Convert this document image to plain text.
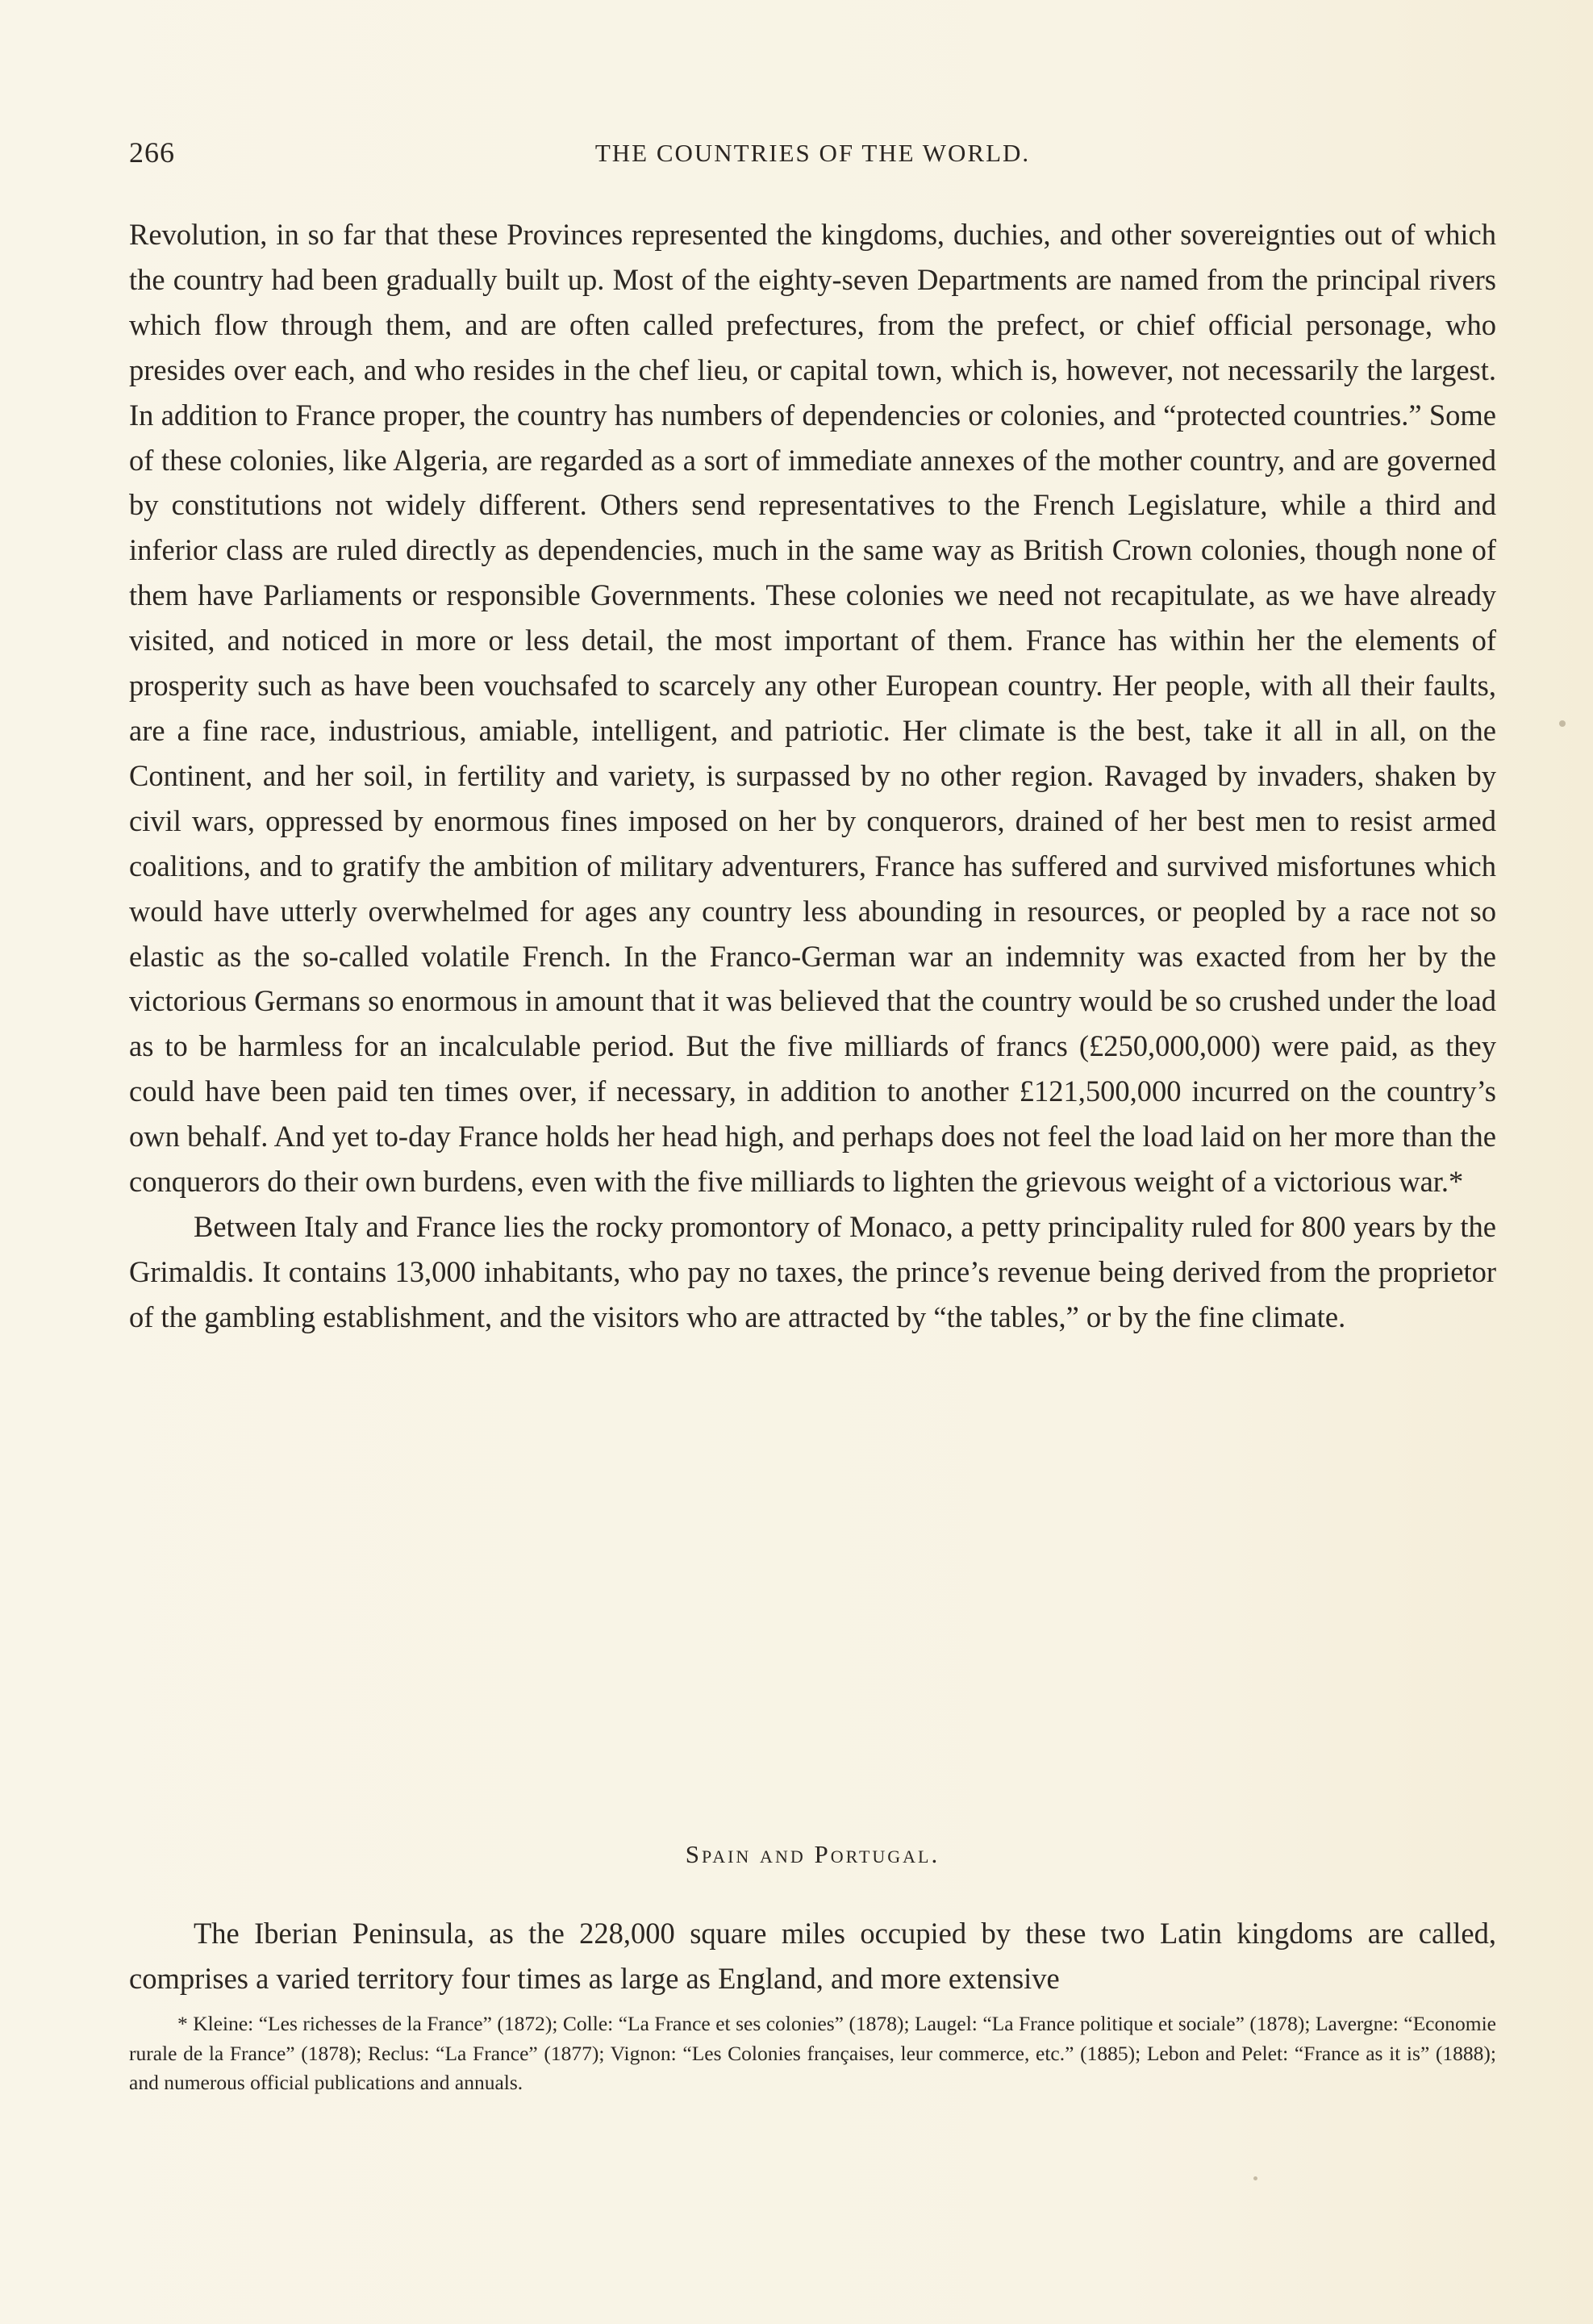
266	THE COUNTRIES OF THE WORLD.

Revolution, in so far that these Provinces represented the kingdoms, duchies, and other sovereignties out of which the country had been gradually built up. Most of the eighty-seven Departments are named from the principal rivers which flow through them, and are often called prefectures, from the prefect, or chief official personage, who presides over each, and who resides in the chef lieu, or capital town, which is, however, not necessarily the largest. In addition to France proper, the country has numbers of dependencies or colonies, and “protected countries.” Some of these colonies, like Algeria, are regarded as a sort of immediate annexes of the mother country, and are governed by constitutions not widely different. Others send representatives to the French Legislature, while a third and inferior class are ruled directly as dependencies, much in the same way as British Crown colonies, though none of them have Parliaments or responsible Governments. These colonies we need not recapitulate, as we have already visited, and noticed in more or less detail, the most important of them. France has within her the elements of prosperity such as have been vouchsafed to scarcely any other European country. Her people, with all their faults, are a fine race, industrious, amiable, intelligent, and patriotic. Her climate is the best, take it all in all, on the Continent, and her soil, in fertility and variety, is surpassed by no other region. Ravaged by invaders, shaken by civil wars, oppressed by enormous fines imposed on her by conquerors, drained of her best men to resist armed coalitions, and to gratify the ambition of military adventurers, France has suffered and survived misfortunes which would have utterly overwhelmed for ages any country less abounding in resources, or peopled by a race not so elastic as the so-called volatile French. In the Franco-German war an indemnity was exacted from her by the victorious Germans so enormous in amount that it was believed that the country would be so crushed under the load as to be harmless for an incalculable period. But the five milliards of francs (£250,000,000) were paid, as they could have been paid ten times over, if necessary, in addition to another £121,500,000 incurred on the country’s own behalf. And yet to-day France holds her head high, and perhaps does not feel the load laid on her more than the conquerors do their own burdens, even with the five milliards to lighten the grievous weight of a victorious war.*

Between Italy and France lies the rocky promontory of Monaco, a petty principality ruled for 800 years by the Grimaldis. It contains 13,000 inhabitants, who pay no taxes, the prince’s revenue being derived from the proprietor of the gambling establishment, and the visitors who are attracted by “the tables,” or by the fine climate.

Spain and Portugal.
The Iberian Peninsula, as the 228,000 square miles occupied by these two Latin kingdoms are called, comprises a varied territory four times as large as England, and more extensive
* Kleine: “Les richesses de la France” (1872); Colle: “La France et ses colonies” (1878); Laugel: “La France politique et sociale” (1878); Lavergne: “Economie rurale de la France” (1878); Reclus: “La France” (1877); Vignon: “Les Colonies françaises, leur commerce, etc.” (1885); Lebon and Pelet: “France as it is” (1888); and numerous official publications and annuals.
